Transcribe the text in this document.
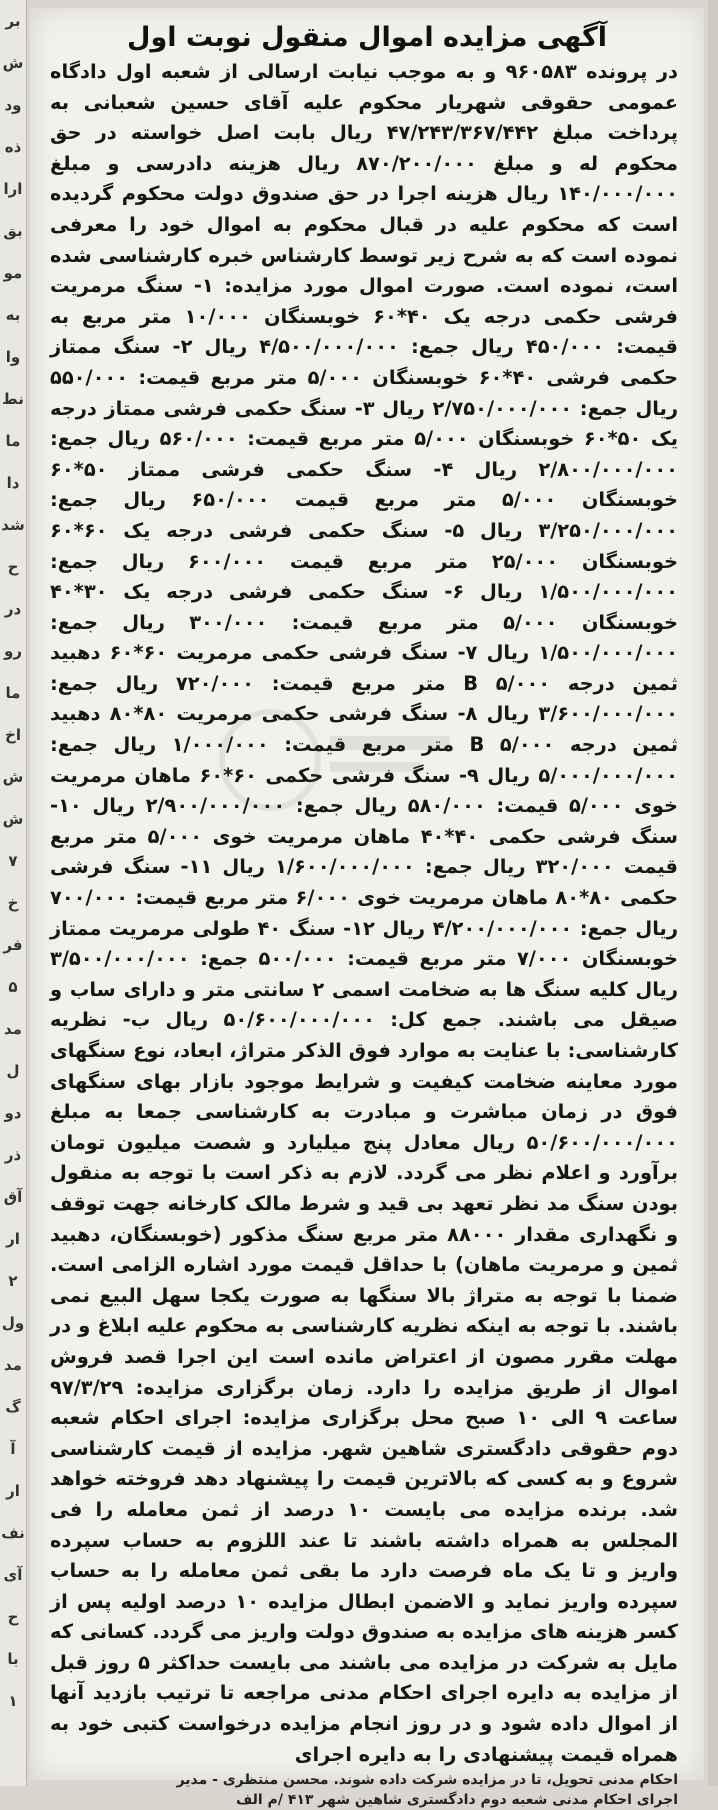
بر
ش
ود
ذه
ارا
بق
مو
به
وا
نط
ما
دا
شد
ح
در
رو
ما
اخ
ش
ش
۷
خ
فر
۵
مد
ل
دو
ذر
آق
ار
۲
ول
مد
گ
آ
ار
نف
آی
ح
با
۱
آگهی مزایده اموال منقول نوبت اول

در پرونده ۹۶۰۵۸۳ و به موجب نیابت ارسالی از شعبه اول دادگاه عمومی حقوقی شهریار محکوم علیه آقای حسین شعبانی به پرداخت مبلغ ۴۷/۲۴۳/۳۶۷/۴۴۲ ریال بابت اصل خواسته در حق محکوم له و مبلغ ۸۷۰/۲۰۰/۰۰۰ ریال هزینه دادرسی و مبلغ ۱۴۰/۰۰۰/۰۰۰ ریال هزینه اجرا در حق صندوق دولت محکوم گردیده است که محکوم علیه در قبال محکوم به اموال خود را معرفی نموده است که به شرح زیر توسط کارشناس خبره کارشناسی شده است، نموده است. صورت اموال مورد مزایده: ۱- سنگ مرمریت فرشی حکمی درجه یک ۴۰*۶۰ خوبسنگان ۱۰/۰۰۰ متر مربع به قیمت: ۴۵۰/۰۰۰ ریال جمع: ۴/۵۰۰/۰۰۰/۰۰۰ ریال ۲- سنگ ممتاز حکمی فرشی ۴۰*۶۰ خوبسنگان ۵/۰۰۰ متر مربع قیمت: ۵۵۰/۰۰۰ ریال جمع: ۲/۷۵۰/۰۰۰/۰۰۰ ریال ۳- سنگ حکمی فرشی ممتاز درجه یک ۵۰*۶۰ خوبسنگان ۵/۰۰۰ متر مربع قیمت: ۵۶۰/۰۰۰ ریال جمع: ۲/۸۰۰/۰۰۰/۰۰۰ ریال ۴- سنگ حکمی فرشی ممتاز ۵۰*۶۰ خوبسنگان ۵/۰۰۰ متر مربع قیمت ۶۵۰/۰۰۰ ریال جمع: ۳/۲۵۰/۰۰۰/۰۰۰ ریال ۵- سنگ حکمی فرشی درجه یک ۶۰*۶۰ خوبسنگان ۲۵/۰۰۰ متر مربع قیمت ۶۰۰/۰۰۰ ریال جمع: ۱/۵۰۰/۰۰۰/۰۰۰ ریال ۶- سنگ حکمی فرشی درجه یک ۳۰*۴۰ خوبسنگان ۵/۰۰۰ متر مربع قیمت: ۳۰۰/۰۰۰ ریال جمع: ۱/۵۰۰/۰۰۰/۰۰۰ ریال ۷- سنگ فرشی حکمی مرمریت ۶۰*۶۰ دهبید ثمین درجه B ۵/۰۰۰ متر مربع قیمت: ۷۲۰/۰۰۰ ریال جمع: ۳/۶۰۰/۰۰۰/۰۰۰ ریال ۸- سنگ فرشی حکمی مرمریت ۸۰*۸۰ دهبید ثمین درجه B ۵/۰۰۰ متر مربع قیمت: ۱/۰۰۰/۰۰۰ ریال جمع: ۵/۰۰۰/۰۰۰/۰۰۰ ریال ۹- سنگ فرشی حکمی ۶۰*۶۰ ماهان مرمریت خوی ۵/۰۰۰ قیمت: ۵۸۰/۰۰۰ ریال جمع: ۲/۹۰۰/۰۰۰/۰۰۰ ریال ۱۰- سنگ فرشی حکمی ۴۰*۴۰ ماهان مرمریت خوی ۵/۰۰۰ متر مربع قیمت ۳۲۰/۰۰۰ ریال جمع: ۱/۶۰۰/۰۰۰/۰۰۰ ریال ۱۱- سنگ فرشی حکمی ۸۰*۸۰ ماهان مرمریت خوی ۶/۰۰۰ متر مربع قیمت: ۷۰۰/۰۰۰ ریال جمع: ۴/۲۰۰/۰۰۰/۰۰۰ ریال ۱۲- سنگ ۴۰ طولی مرمریت ممتاز خوبسنگان ۷/۰۰۰ متر مربع قیمت: ۵۰۰/۰۰۰ جمع: ۳/۵۰۰/۰۰۰/۰۰۰ ریال کلیه سنگ ها به ضخامت اسمی ۲ سانتی متر و دارای ساب و صیقل می باشند. جمع کل: ۵۰/۶۰۰/۰۰۰/۰۰۰ ریال ب- نظریه کارشناسی: با عنایت به موارد فوق الذکر متراژ، ابعاد، نوع سنگهای مورد معاینه ضخامت کیفیت و شرایط موجود بازار بهای سنگهای فوق در زمان مباشرت و مبادرت به کارشناسی جمعا به مبلغ ۵۰/۶۰۰/۰۰۰/۰۰۰ ریال معادل پنج میلیارد و شصت میلیون تومان برآورد و اعلام نظر می گردد. لازم به ذکر است با توجه به منقول بودن سنگ مد نظر تعهد بی قید و شرط مالک کارخانه جهت توقف و نگهداری مقدار ۸۸۰۰۰ متر مربع سنگ مذکور (خوبسنگان، دهبید ثمین و مرمریت ماهان) با حداقل قیمت مورد اشاره الزامی است. ضمنا با توجه به متراژ بالا سنگها به صورت یکجا سهل البیع نمی باشند. با توجه به اینکه نظریه کارشناسی به محکوم علیه ابلاغ و در مهلت مقرر مصون از اعتراض مانده است این اجرا قصد فروش اموال از طریق مزایده را دارد. زمان برگزاری مزایده: ۹۷/۳/۲۹ ساعت ۹ الی ۱۰ صبح محل برگزاری مزایده: اجرای احکام شعبه دوم حقوقی دادگستری شاهین شهر. مزایده از قیمت کارشناسی شروع و به کسی که بالاترین قیمت را پیشنهاد دهد فروخته خواهد شد. برنده مزایده می بایست ۱۰ درصد از ثمن معامله را فی المجلس به همراه داشته باشند تا عند اللزوم به حساب سپرده واریز و تا یک ماه فرصت دارد ما بقی ثمن معامله را به حساب سپرده واریز نماید و الاضمن ابطال مزایده ۱۰ درصد اولیه پس از کسر هزینه های مزایده به صندوق دولت واریز می گردد. کسانی که مایل به شرکت در مزایده می باشند می بایست حداکثر ۵ روز قبل از مزایده به دایره اجرای احکام مدنی مراجعه تا ترتیب بازدید آنها از اموال داده شود و در روز انجام مزایده درخواست کتبی خود به همراه قیمت پیشنهادی را به دایره اجرای

احکام مدنی تحویل، تا در مزایده شرکت داده شوند. محسن منتظری - مدیر
اجرای احکام مدنی شعبه دوم دادگستری شاهین شهر ۴۱۳ /م الف
